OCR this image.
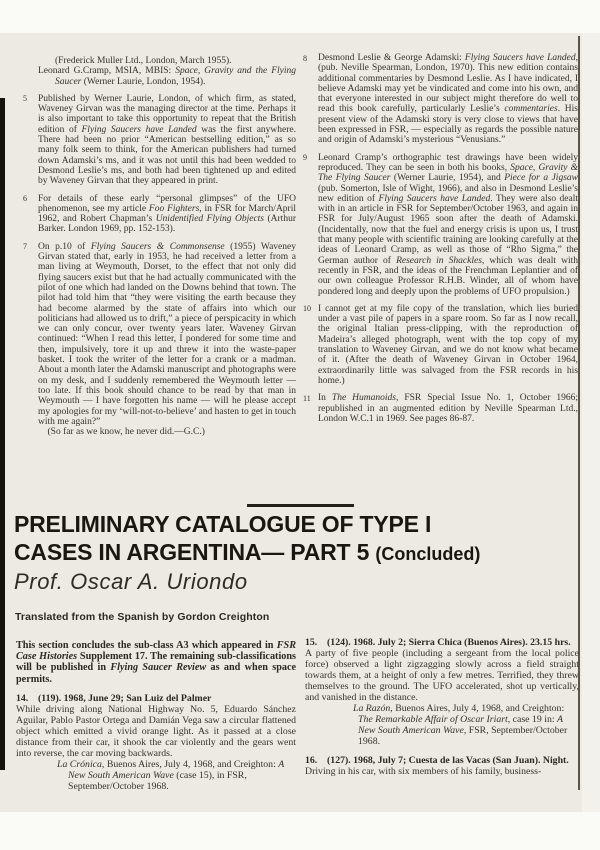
(Frederick Muller Ltd., London, March 1955).
Leonard G.Cramp, MSIA, MBIS: Space, Gravity and the Flying Saucer (Werner Laurie, London, 1954).
5	Published by Werner Laurie, London, of which firm, as stated, Waveney Girvan was the managing director at the time. Perhaps it is also important to take this opportunity to repeat that the British edition of Flying Saucers have Landed was the first anywhere. There had been no prior “American bestselling edition,” as so many folk seem to think, for the American publishers had turned down Adamski’s ms, and it was not until this had been wedded to Desmond Leslie’s ms, and both had been tightened up and edited by Waveney Girvan that they appeared in print.
6	For details of these early “personal glimpses” of the UFO phenomenon, see my article Foo Fighters, in FSR for March/April 1962, and Robert Chapman’s Unidentified Flying Objects (Arthur Barker. London 1969, pp. 152-153).
7	On p.10 of Flying Saucers & Commonsense (1955) Waveney Girvan stated that, early in 1953, he had received a letter from a man living at Weymouth, Dorset, to the effect that not only did flying saucers exist but that he had actually communicated with the pilot of one which had landed on the Downs behind that town. The pilot had told him that “they were visiting the earth because they had become alarmed by the state of affairs into which our politicians had allowed us to drift,” a piece of perspicacity in which we can only concur, over twenty years later. Waveney Girvan continued: “When I read this letter, I pondered for some time and then, impulsively, tore it up and threw it into the waste-paper basket. I took the writer of the letter for a crank or a madman. About a month later the Adamski manuscript and photographs were on my desk, and I suddenly remembered the Weymouth letter — too late. If this book should chance to be read by that man in Weymouth — I have forgotten his name — will he please accept my apologies for my ‘will-not-to-believe’ and hasten to get in touch with me again?”
  (So far as we know, he never did.—G.C.)
8	Desmond Leslie & George Adamski: Flying Saucers have Landed, (pub. Neville Spearman, London, 1970). This new edition contains additional commentaries by Desmond Leslie. As I have indicated, I believe Adamski may yet be vindicated and come into his own, and that everyone interested in our subject might therefore do well to read this book carefully, particularly Leslie’s commentaries. His present view of the Adamski story is very close to views that have been expressed in FSR, — especially as regards the possible nature and origin of Adamski’s mysterious “Venusians.”
9	Leonard Cramp’s orthographic test drawings have been widely reproduced. They can be seen in both his books, Space, Gravity & The Flying Saucer (Werner Laurie, 1954), and Piece for a Jigsaw (pub. Somerton, Isle of Wight, 1966), and also in Desmond Leslie’s new edition of Flying Saucers have Landed. They were also dealt with in an article in FSR for September/October 1963, and again in FSR for July/August 1965 soon after the death of Adamski. (Incidentally, now that the fuel and energy crisis is upon us, I trust that many people with scientific training are looking carefully at the ideas of Leonard Cramp, as well as those of “Rho Sigma,” the German author of Research in Shackles, which was dealt with recently in FSR, and the ideas of the Frenchman Leplantier and of our own colleague Professor R.H.B. Winder, all of whom have pondered long and deeply upon the problems of UFO propulsion.)
10 I cannot get at my file copy of the translation, which lies buried under a vast pile of papers in a spare room. So far as I now recall, the original Italian press-clipping, with the reproduction of Madeira’s alleged photograph, went with the top copy of my translation to Waveney Girvan, and we do not know what became of it. (After the death of Waveney Girvan in October 1964, extraordinarily little was salvaged from the FSR records in his home.)
11 In The Humanoids, FSR Special Issue No. 1, October 1966; republished in an augmented edition by Neville Spearman Ltd., London W.C.1 in 1969. See pages 86-87.
PRELIMINARY CATALOGUE OF TYPE I
CASES IN ARGENTINA— PART 5 (Concluded)
Prof. Oscar A. Uriondo
Translated from the Spanish by Gordon Creighton
This section concludes the sub-class A3 which appeared in FSR Case Histories Supplement 17. The remaining sub-classifications will be published in Flying Saucer Review as and when space permits.
14.  (119). 1968, June 29; San Luiz del Palmer
While driving along National Highway No. 5, Eduardo Sánchez Aguilar, Pablo Pastor Ortega and Damián Vega saw a circular flattened object which emitted a vivid orange light. As it passed at a close distance from their car, it shook the car violently and the gears went into reverse, the car moving backwards.
La Crónica, Buenos Aires, July 4, 1968, and Creighton: A New South American Wave (case 15), in FSR, September/October 1968.
15.  (124). 1968. July 2; Sierra Chica (Buenos Aires). 23.15 hrs.
A party of five people (including a sergeant from the local police force) observed a light zigzagging slowly across a field straight towards them, at a height of only a few metres. Terrified, they threw themselves to the ground. The UFO accelerated, shot up vertically, and vanished in the distance.
La Razón, Buenos Aires, July 4, 1968, and Creighton: The Remarkable Affair of Oscar Iriart, case 19 in: A New South American Wave, FSR, September/October 1968.
16.  (127). 1968, July 7; Cuesta de las Vacas (San Juan). Night.
Driving in his car, with six members of his family, business-
